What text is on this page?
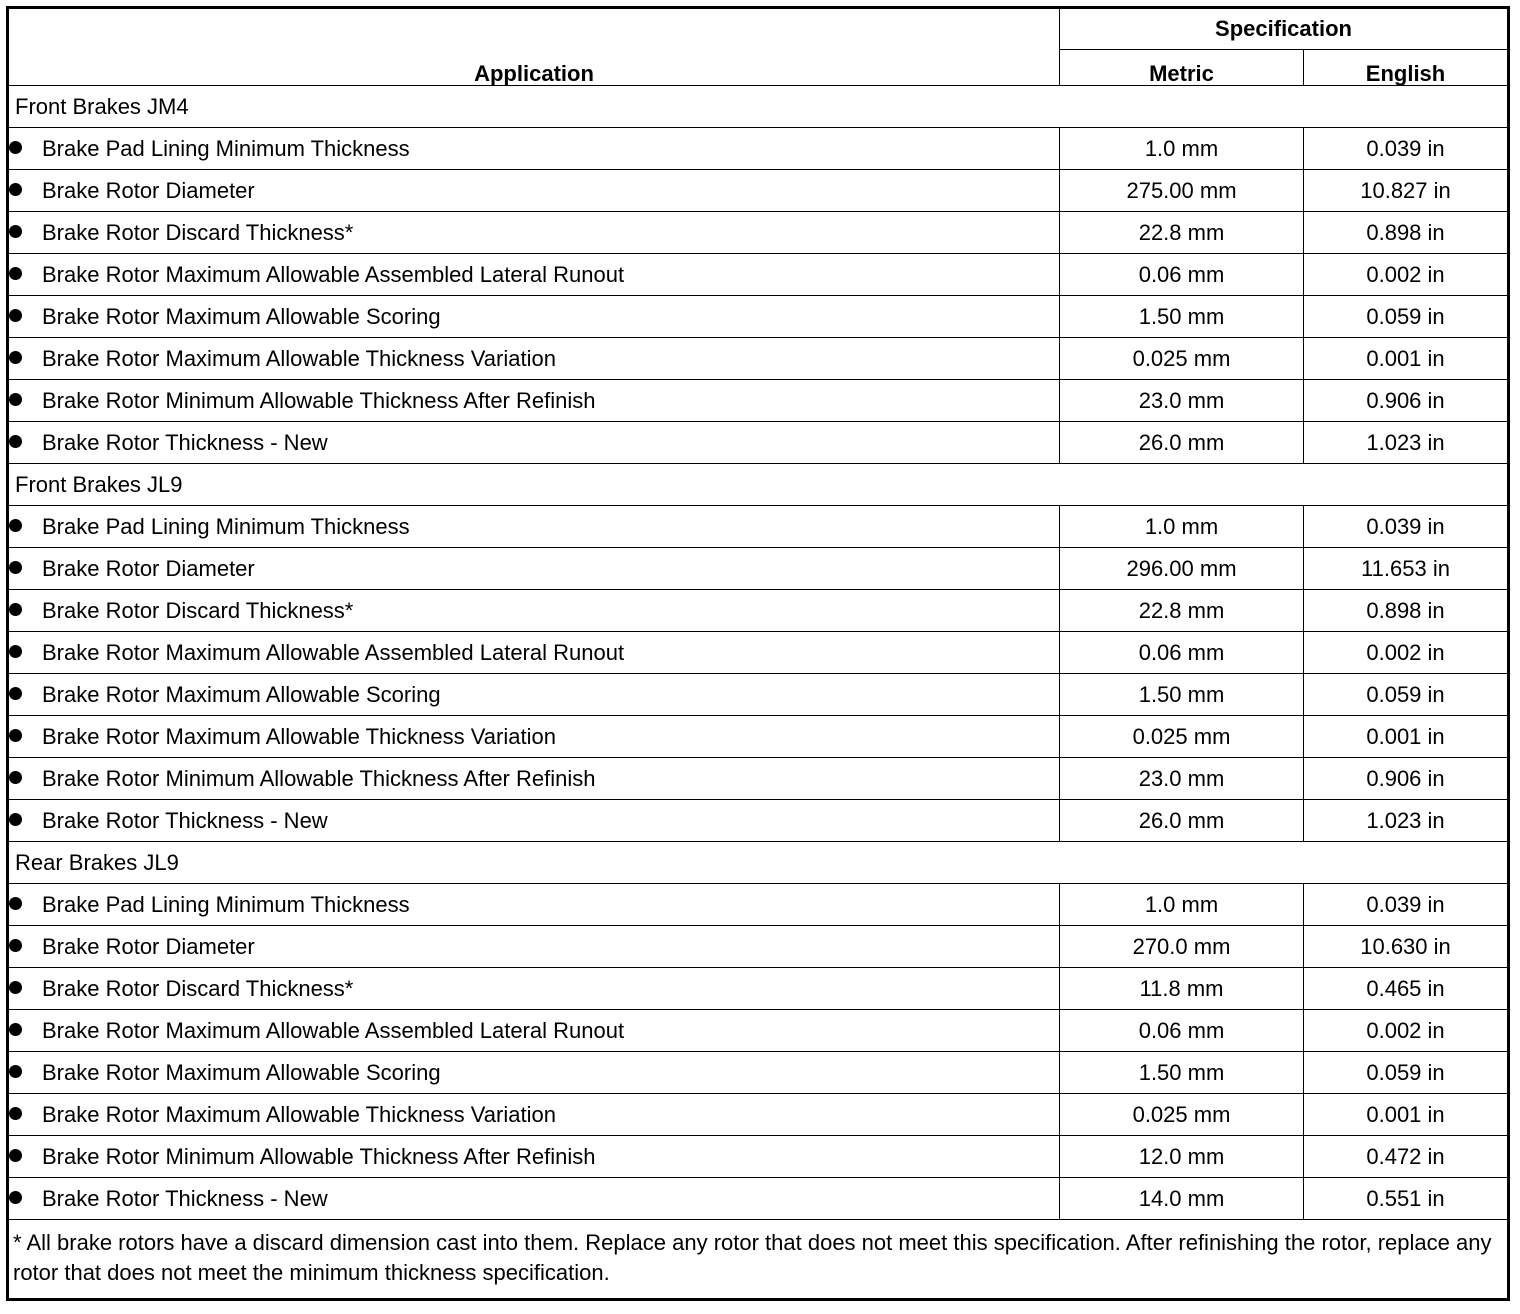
Application	Specification	
	Metric	English
Front Brakes JM4		
Brake Pad Lining Minimum Thickness	1.0 mm	0.039 in
Brake Rotor Diameter	275.00 mm	10.827 in
Brake Rotor Discard Thickness*	22.8 mm	0.898 in
Brake Rotor Maximum Allowable Assembled Lateral Runout	0.06 mm	0.002 in
Brake Rotor Maximum Allowable Scoring	1.50 mm	0.059 in
Brake Rotor Maximum Allowable Thickness Variation	0.025 mm	0.001 in
Brake Rotor Minimum Allowable Thickness After Refinish	23.0 mm	0.906 in
Brake Rotor Thickness - New	26.0 mm	1.023 in
Front Brakes JL9		
Brake Pad Lining Minimum Thickness	1.0 mm	0.039 in
Brake Rotor Diameter	296.00 mm	11.653 in
Brake Rotor Discard Thickness*	22.8 mm	0.898 in
Brake Rotor Maximum Allowable Assembled Lateral Runout	0.06 mm	0.002 in
Brake Rotor Maximum Allowable Scoring	1.50 mm	0.059 in
Brake Rotor Maximum Allowable Thickness Variation	0.025 mm	0.001 in
Brake Rotor Minimum Allowable Thickness After Refinish	23.0 mm	0.906 in
Brake Rotor Thickness - New	26.0 mm	1.023 in
Rear Brakes JL9		
Brake Pad Lining Minimum Thickness	1.0 mm	0.039 in
Brake Rotor Diameter	270.0 mm	10.630 in
Brake Rotor Discard Thickness*	11.8 mm	0.465 in
Brake Rotor Maximum Allowable Assembled Lateral Runout	0.06 mm	0.002 in
Brake Rotor Maximum Allowable Scoring	1.50 mm	0.059 in
Brake Rotor Maximum Allowable Thickness Variation	0.025 mm	0.001 in
Brake Rotor Minimum Allowable Thickness After Refinish	12.0 mm	0.472 in
Brake Rotor Thickness - New	14.0 mm	0.551 in
* All brake rotors have a discard dimension cast into them. Replace any rotor that does not meet this specification. After refinishing the rotor, replace any rotor that does not meet the minimum thickness specification.		
